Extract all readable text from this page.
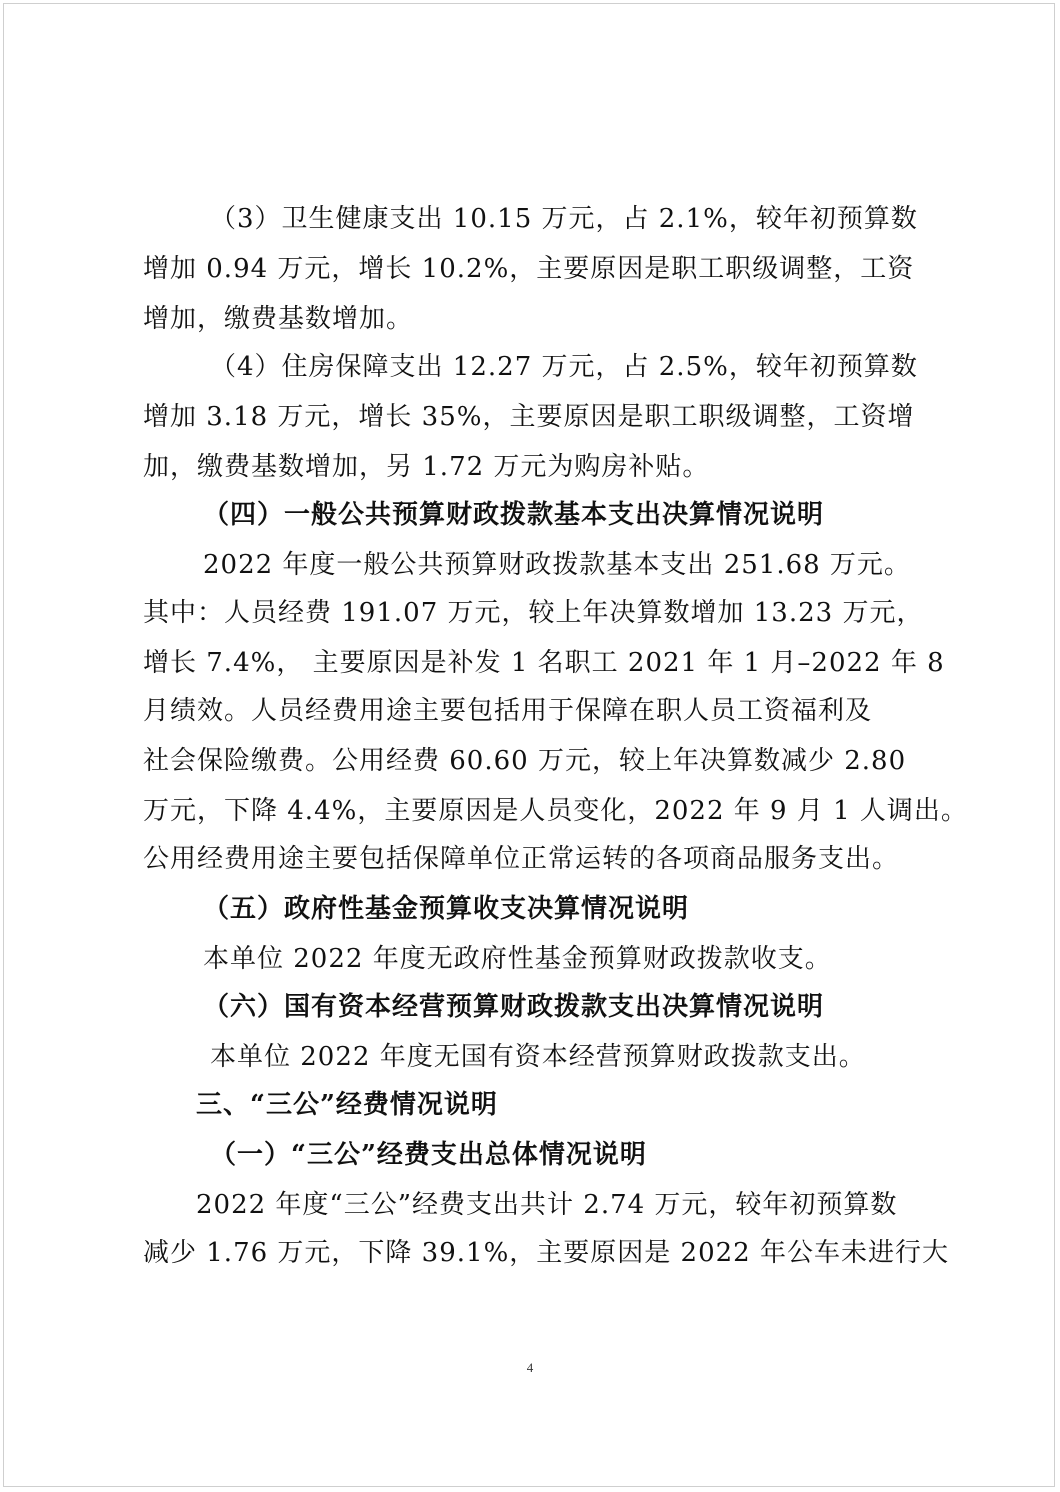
（3）卫生健康支出 10.15 万元，占 2.1%，较年初预算数
增加 0.94 万元，增长 10.2%，主要原因是职工职级调整，工资
增加，缴费基数增加。
（4）住房保障支出 12.27 万元，占 2.5%，较年初预算数
增加 3.18 万元，增长 35%，主要原因是职工职级调整，工资增
加，缴费基数增加，另 1.72 万元为购房补贴。
（四）一般公共预算财政拨款基本支出决算情况说明
2022 年度一般公共预算财政拨款基本支出 251.68 万元。
其中：人员经费 191.07 万元，较上年决算数增加 13.23 万元，
增长 7.4%， 主要原因是补发 1 名职工 2021 年 1 月–2022 年 8
月绩效。人员经费用途主要包括用于保障在职人员工资福利及
社会保险缴费。公用经费 60.60 万元，较上年决算数减少 2.80
万元，下降 4.4%，主要原因是人员变化，2022 年 9 月 1 人调出。
公用经费用途主要包括保障单位正常运转的各项商品服务支出。
（五）政府性基金预算收支决算情况说明
本单位 2022 年度无政府性基金预算财政拨款收支。
（六）国有资本经营预算财政拨款支出决算情况说明
本单位 2022 年度无国有资本经营预算财政拨款支出。
三、“三公”经费情况说明
（一）“三公”经费支出总体情况说明
2022 年度“三公”经费支出共计 2.74 万元，较年初预算数
减少 1.76 万元，下降 39.1%，主要原因是 2022 年公车未进行大
4
